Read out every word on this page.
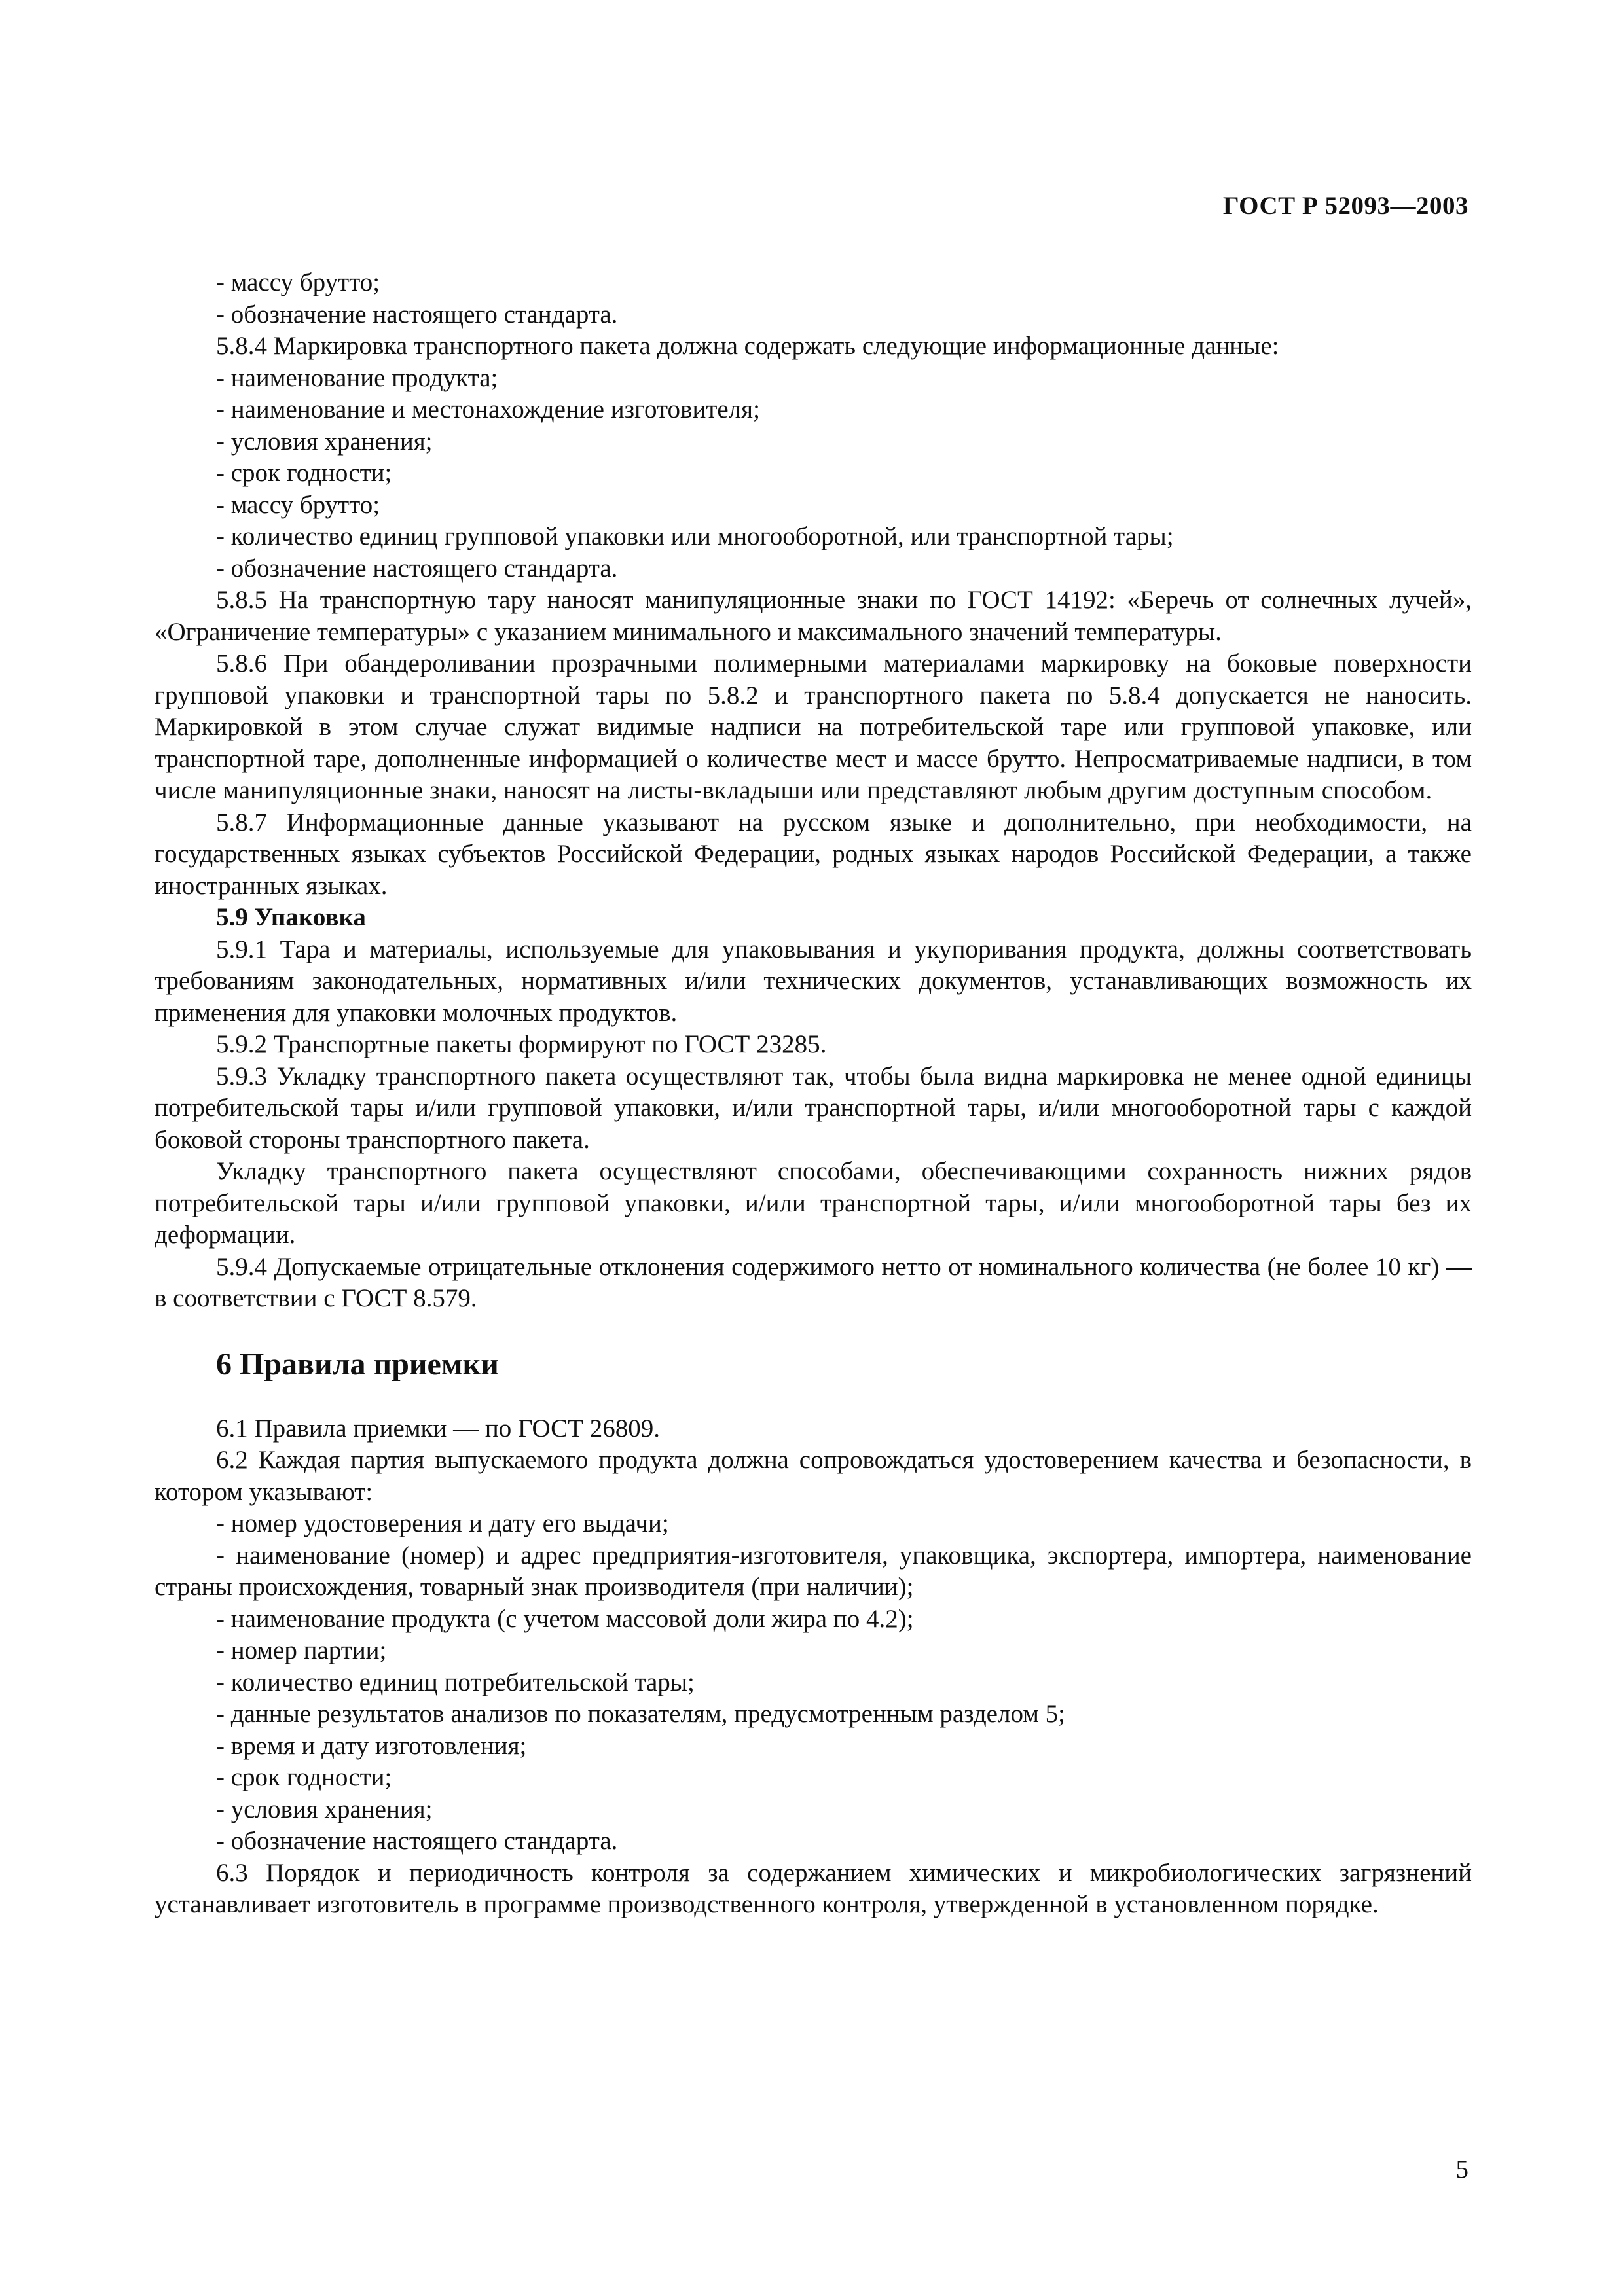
ГОСТ Р 52093—2003

- массу брутто;

- обозначение настоящего стандарта.

5.8.4 Маркировка транспортного пакета должна содержать следующие информационные данные:

- наименование продукта;

- наименование и местонахождение изготовителя;

- условия хранения;

- срок годности;

- массу брутто;

- количество единиц групповой упаковки или многооборотной, или транспортной тары;

- обозначение настоящего стандарта.

5.8.5 На транспортную тару наносят манипуляционные знаки по ГОСТ 14192: «Беречь от солнечных лучей», «Ограничение температуры» с указанием минимального и максимального значений температуры.

5.8.6 При обандероливании прозрачными полимерными материалами маркировку на боковые поверхности групповой упаковки и транспортной тары по 5.8.2 и транспортного пакета по 5.8.4 допускается не наносить. Маркировкой в этом случае служат видимые надписи на потребительской таре или групповой упаковке, или транспортной таре, дополненные информацией о количестве мест и массе брутто. Непросматриваемые надписи, в том числе манипуляционные знаки, наносят на листы-вкладыши или представляют любым другим доступным способом.

5.8.7 Информационные данные указывают на русском языке и дополнительно, при необходимости, на государственных языках субъектов Российской Федерации, родных языках народов Российской Федерации, а также иностранных языках.

5.9 Упаковка

5.9.1 Тара и материалы, используемые для упаковывания и укупоривания продукта, должны соответствовать требованиям законодательных, нормативных и/или технических документов, устанавливающих возможность их применения для упаковки молочных продуктов.

5.9.2 Транспортные пакеты формируют по ГОСТ 23285.

5.9.3 Укладку транспортного пакета осуществляют так, чтобы была видна маркировка не менее одной единицы потребительской тары и/или групповой упаковки, и/или транспортной тары, и/или многооборотной тары с каждой боковой стороны транспортного пакета.

Укладку транспортного пакета осуществляют способами, обеспечивающими сохранность нижних рядов потребительской тары и/или групповой упаковки, и/или транспортной тары, и/или многооборотной тары без их деформации.

5.9.4 Допускаемые отрицательные отклонения содержимого нетто от номинального количества (не более 10 кг) — в соответствии с ГОСТ 8.579.

6 Правила приемки

6.1 Правила приемки — по ГОСТ 26809.

6.2 Каждая партия выпускаемого продукта должна сопровождаться удостоверением качества и безопасности, в котором указывают:

- номер удостоверения и дату его выдачи;

- наименование (номер) и адрес предприятия-изготовителя, упаковщика, экспортера, импортера, наименование страны происхождения, товарный знак производителя (при наличии);

- наименование продукта (с учетом массовой доли жира по 4.2);

- номер партии;

- количество единиц потребительской тары;

- данные результатов анализов по показателям, предусмотренным разделом 5;

- время и дату изготовления;

- срок годности;

- условия хранения;

- обозначение настоящего стандарта.

6.3 Порядок и периодичность контроля за содержанием химических и микробиологических загрязнений устанавливает изготовитель в программе производственного контроля, утвержденной в установленном порядке.

5
